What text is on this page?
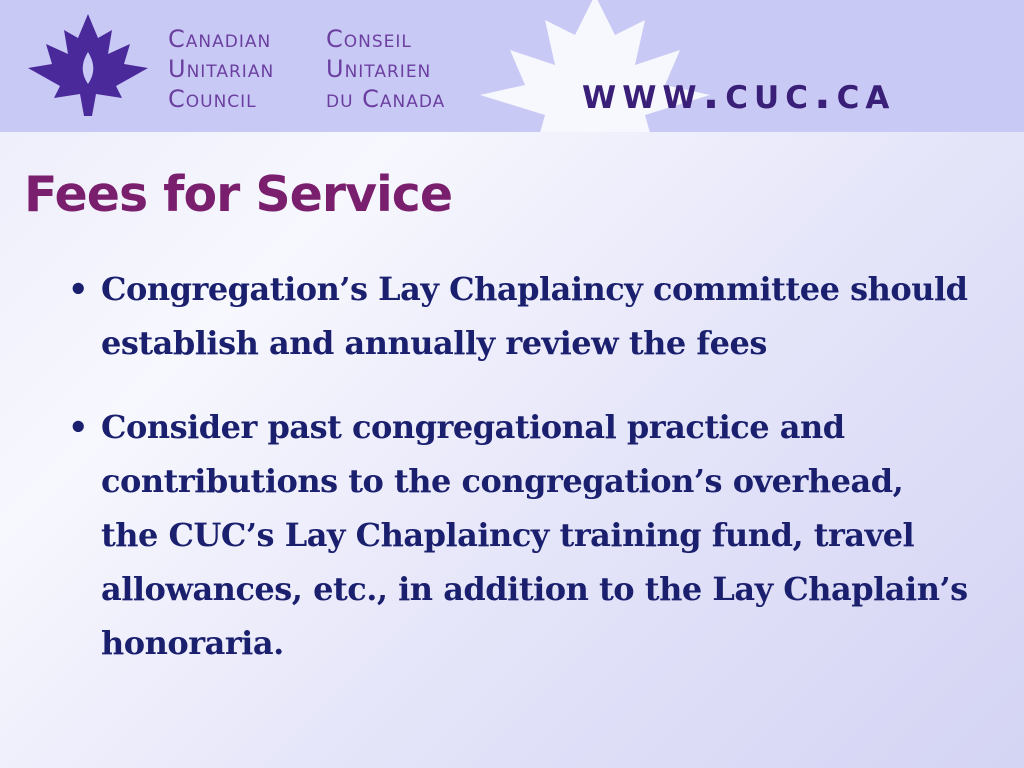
Canadian
Unitarian
Council
Conseil
Unitarien
du Canada	www.cuc.ca
Fees for Service
• Congregation’s Lay Chaplaincy committee should establish and annually review the fees
• Consider past congregational practice and contributions to the congregation’s overhead, the CUC’s Lay Chaplaincy training fund, travel allowances, etc., in addition to the Lay Chaplain’s honoraria.
